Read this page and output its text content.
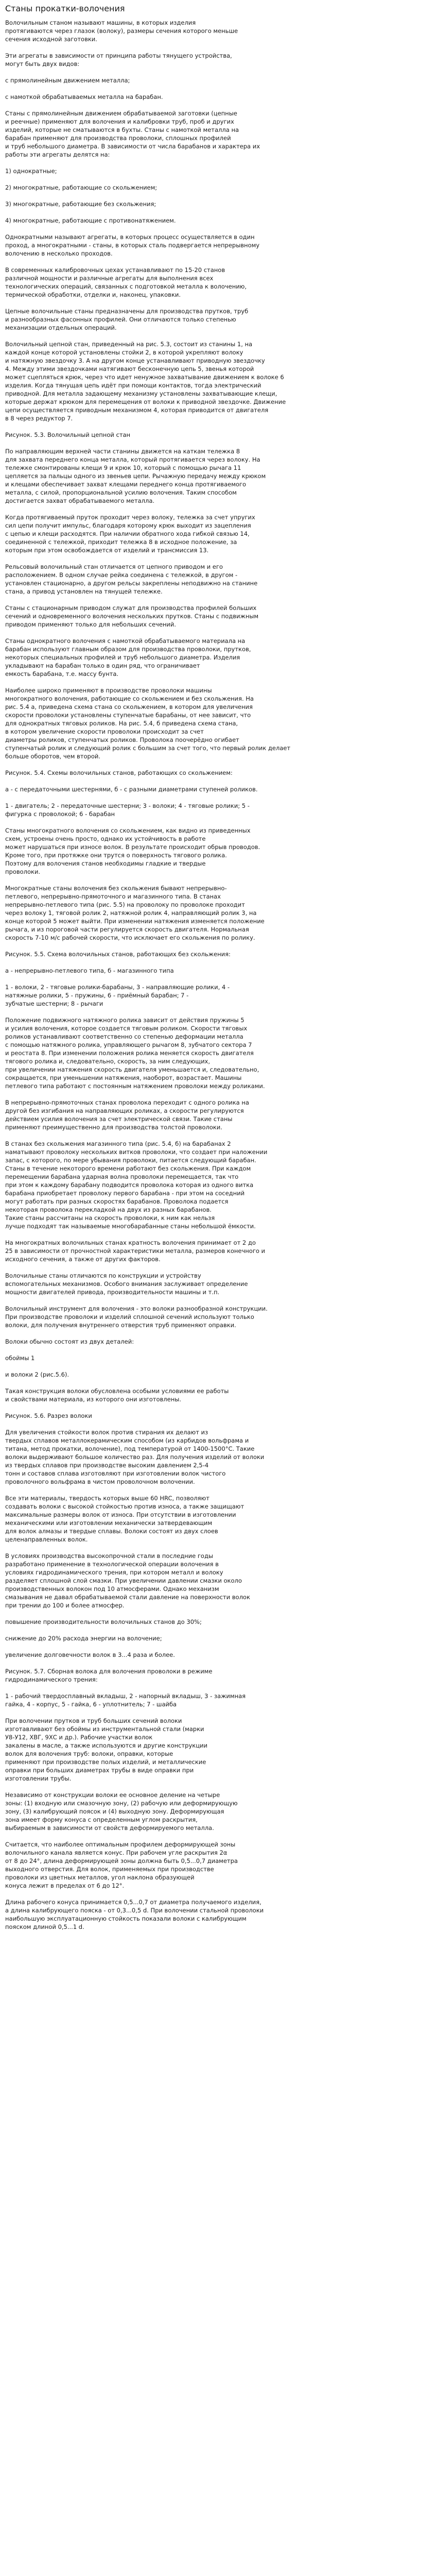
Станы прокатки-волочения

Волочильным станом называют машины, в которых изделия
протягиваются через глазок (волоку), размеры сечения которого меньше
сечения исходной заготовки.

Эти агрегаты в зависимости от принципа работы тянущего устройства,
могут быть двух видов:

с прямолинейным движением металла;

с намоткой обрабатываемых металла на барабан.

Станы с прямолинейным движением обрабатываемой заготовки (цепные
и реечные) применяют для волочения и калибровки труб, проб и других
изделий, которые не сматываются в бухты. Станы с намоткой металла на
барабан применяют для производства проволоки, сплошных профилей
и труб небольшого диаметра. В зависимости от числа барабанов и характера их
работы эти агрегаты делятся на:

1) однократные;

2) многократные, работающие со скольжением;

3) многократные, работающие без скольжения;

4) многократные, работающие с противонатяжением.

Однократными называют агрегаты, в которых процесс осуществляется в один
проход, а многократными - станы, в которых сталь подвергается непрерывному
волочению в несколько проходов.

В современных калибровочных цехах устанавливают по 15-20 станов
различной мощности и различные агрегаты для выполнения всех
технологических операций, связанных с подготовкой металла к волочению,
термической обработки, отделки и, наконец, упаковки.

Цепные волочильные станы предназначены для производства прутков, труб
и разнообразных фасонных профилей. Они отличаются только степенью
механизации отдельных операций.

Волочильный цепной стан, приведенный на рис. 5.3, состоит из станины 1, на
каждой конце которой установлены стойки 2, в которой укрепляют волоку
и натяжную звездочку 3. А на другом конце устанавливают приводную звездочку
4. Между этими звездочками натягивают бесконечную цепь 5, звенья которой
может сцепляться крюк, через что идет ненужное захватывание движением к волоке 6
изделия. Когда тянущая цепь идёт при помощи контактов, тогда электрический
приводной. Для металла задающему механизму установлены захватывающие клещи,
которые держат крюком для перемещения от волоки к приводной звездочке. Движение
цепи осуществляется приводным механизмом 4, которая приводится от двигателя
в 8 через редуктор 7.

Рисунок. 5.3. Волочильный цепной стан

По направляющим верхней части станины движется на каткам тележка 8
для захвата переднего конца металла, который протягивается через волоку. На
тележке смонтированы клещи 9 и крюк 10, который с помощью рычага 11
цепляется за пальцы одного из звеньев цепи. Рычажную передачу между крюком
и клещами обеспечивает захват клещами переднего конца протягиваемого
металла, с силой, пропорциональной усилию волочения. Таким способом
достигается захват обрабатываемого металла.

Когда протягиваемый пруток проходит через волоку, тележка за счет упругих
сил цепи получит импульс, благодаря которому крюк выходит из зацепления
с цепью и клещи расходятся. При наличии обратного хода гибкой связью 14,
соединенной с тележкой, приходит тележка 8 в исходное положение, за
которым при этом освобождается от изделий и трансмиссия 13.

Рельсовый волочильный стан отличается от цепного приводом и его
расположением. В одном случае рейка соединена с тележкой, в другом -
установлен стационарно, а другом рельсы закреплены неподвижно на станине
стана, а привод установлен на тянущей тележке.

Станы с стационарным приводом служат для производства профилей больших
сечений и одновременного волочения нескольких прутков. Станы с подвижным
приводом применяют только для небольших сечений.

Станы однократного волочения с намоткой обрабатываемого материала на
барабан используют главным образом для производства проволоки, прутков,
некоторых специальных профилей и труб небольшого диаметра. Изделия
укладывают на барабан только в один ряд, что ограничивает
емкость барабана, т.е. массу бунта.

Наиболее широко применяют в производстве проволоки машины
многократного волочения, работающие со скольжением и без скольжения. На
рис. 5.4 а, приведена схема стана со скольжением, в котором для увеличения
скорости проволоки установлены ступенчатые барабаны, от нее зависит, что
для однократных тяговых роликов. На рис. 5.4, б приведена схема стана,
в котором увеличение скорости проволоки происходит за счет
диаметры роликов, ступенчатых роликов. Проволока поочерёдно огибает
ступенчатый ролик и следующий ролик с большим за счет того, что первый ролик делает
больше оборотов, чем второй.

Рисунок. 5.4. Схемы волочильных станов, работающих со скольжением:

а - с передаточными шестернями, б - с разными диаметрами ступеней роликов.

1 - двигатель; 2 - передаточные шестерни; 3 - волоки; 4 - тяговые ролики; 5 -
фигурка с проволокой; 6 - барабан

Станы многократного волочения со скольжением, как видно из приведенных
схем, устроены очень просто, однако их устойчивость в работе
может нарушаться при износе волок. В результате происходит обрыв проводов.
Кроме того, при протяжке они трутся о поверхность тягового ролика.
Поэтому для волочения станов необходимы гладкие и твердые
проволоки.

Многократные станы волочения без скольжения бывают непрерывно-
петлевого, непрерывно-прямоточного и магазинного типа. В станах
непрерывно-петлевого типа (рис. 5.5) на проволоку по проволоке проходит
через волоку 1, тяговой ролик 2, натяжной ролик 4, направляющий ролик 3, на
конце которой 5 может выйти. При изменении натяжения изменяется положение
рычага, и из пороговой части регулируется скорость двигателя. Нормальная
скорость 7-10 м/с рабочей скорости, что исключает его скольжения по ролику.

Рисунок. 5.5. Схема волочильных станов, работающих без скольжения:

а - непрерывно-петлевого типа, б - магазинного типа

1 - волоки, 2 - тяговые ролики-барабаны, 3 - направляющие ролики, 4 -
натяжные ролики, 5 - пружины, 6 - приёмный барабан; 7 -
зубчатые шестерни; 8 - рычаги

Положение подвижного натяжного ролика зависит от действия пружины 5
и усилия волочения, которое создается тяговым роликом. Скорости тяговых
роликов устанавливают соответственно со степенью деформации металла
с помощью натяжного ролика, управляющего рычагом 8, зубчатого сектора 7
и реостата 8. При изменении положения ролика меняется скорость двигателя
тягового ролика и, следовательно, скорость, за ним следующих,
при увеличении натяжения скорость двигателя уменьшается и, следовательно,
сокращается, при уменьшении натяжения, наоборот, возрастает. Машины
петлевого типа работают с постоянным натяжением проволоки между роликами.

В непрерывно-прямоточных станах проволока переходит с одного ролика на
другой без изгибания на направляющих роликах, а скорости регулируются
действием усилия волочения за счет электрической связи. Такие станы
применяют преимущественно для производства толстой проволоки.

В станах без скольжения магазинного типа (рис. 5.4, б) на барабанах 2
наматывают проволоку нескольких витков проволоки, что создает при наложении
запас, с которого, по мере убывания проволоки, питается следующий барабан.
Станы в течение некоторого времени работают без скольжения. При каждом
перемещении барабана ударная волна проволоки перемещается, так что
при этом к каждому барабану подводится проволока которая из одного витка
барабана приобретает проволоку первого барабана - при этом на соседний
могут работать при разных скоростях барабанов. Проволока подается
некоторая проволока перекладкой на двух из разных барабанов.
Такие станы рассчитаны на скорость проволоки, к ним как нельзя
лучше подходят так называемые многобарабанные станы небольшой ёмкости.

На многократных волочильных станах кратность волочения принимает от 2 до
25 в зависимости от прочностной характеристики металла, размеров конечного и
исходного сечения, а также от других факторов.

Волочильные станы отличаются по конструкции и устройству
вспомогательных механизмов. Особого внимания заслуживает определение
мощности двигателей привода, производительности машины и т.п.

Волочильный инструмент для волочения - это волоки разнообразной конструкции.
При производстве проволоки и изделий сплошной сечений используют только
волоки, для получения внутреннего отверстия труб применяют оправки.

Волоки обычно состоят из двух деталей:

обоймы 1

и волоки 2 (рис.5.6).

Такая конструкция волоки обусловлена особыми условиями ее работы
и свойствами материала, из которого они изготовлены.

Рисунок. 5.6. Разрез волоки

Для увеличения стойкости волок против стирания их делают из
твердых сплавов металлокерамическим способом (из карбидов вольфрама и
титана, метод прокатки, волочение), под температурой от 1400-1500°С. Такие
волоки выдерживают большое количество раз. Для получения изделий от волоки
из твердых сплавов при производстве высоким давлением 2,5-4
тонн и составов сплава изготовляют при изготовлении волок чистого
проволочного вольфрама в чистом проволочном волочении.

Все эти материалы, твердость которых выше 60 HRC, позволяют
создавать волоки с высокой стойкостью против износа, а также защищают
максимальные размеры волок от износа. При отсутствии в изготовлении
механическими или изготовлении механически затвердевающим
для волок алмазы и твердые сплавы. Волоки состоят из двух слоев
целенаправленных волок.

В условиях производства высокопрочной стали в последние годы
разработано применение в технологической операции волочения в
условиях гидродинамического трения, при котором металл и волоку
разделяет сплошной слой смазки. При увеличении давлении смазки около
производственных волокон под 10 атмосферами. Однако механизм
смазывания не давал обрабатываемой стали давление на поверхности волок
при трении до 100 и более атмосфер.

повышение производительности волочильных станов до 30%;

снижение до 20% расхода энергии на волочение;

увеличение долговечности волок в 3...4 раза и более.

Рисунок. 5.7. Сборная волока для волочения проволоки в режиме
гидродинамического трения:

1 - рабочий твердосплавный вкладыш, 2 - напорный вкладыш, 3 - зажимная
гайка, 4 - корпус, 5 - гайка, 6 - уплотнитель; 7 - шайба

При волочении прутков и труб больших сечений волоки
изготавливают без обоймы из инструментальной стали (марки
У8-У12, ХВГ, 9ХС и др.). Рабочие участки волок
закалены в масле, а также используются и другие конструкции
волок для волочения труб: волоки, оправки, которые
применяют при производстве полых изделий, и металлические
оправки при больших диаметрах трубы в виде оправки при
изготовлении трубы.

Независимо от конструкции волоки ее основное деление на четыре
зоны: (1) входную или смазочную зону, (2) рабочую или деформирующую
зону, (3) калибрующий поясок и (4) выходную зону. Деформирующая
зона имеет форму конуса с определенным углом раскрытия,
выбираемым в зависимости от свойств деформируемого металла.

Считается, что наиболее оптимальным профилем деформирующей зоны
волочильного канала является конус. При рабочем угле раскрытия 2α
от 8 до 24°, длина деформирующей зоны должна быть 0,5...0,7 диаметра
выходного отверстия. Для волок, применяемых при производстве
проволоки из цветных металлов, угол наклона образующей
конуса лежит в пределах от 6 до 12°.

Длина рабочего конуса принимается 0,5...0,7 от диаметра получаемого изделия,
а длина калибрующего пояска - от 0,3...0,5 d. При волочении стальной проволоки
наибольшую эксплуатационную стойкость показали волоки с калибрующим
пояском длиной 0,5...1 d.
